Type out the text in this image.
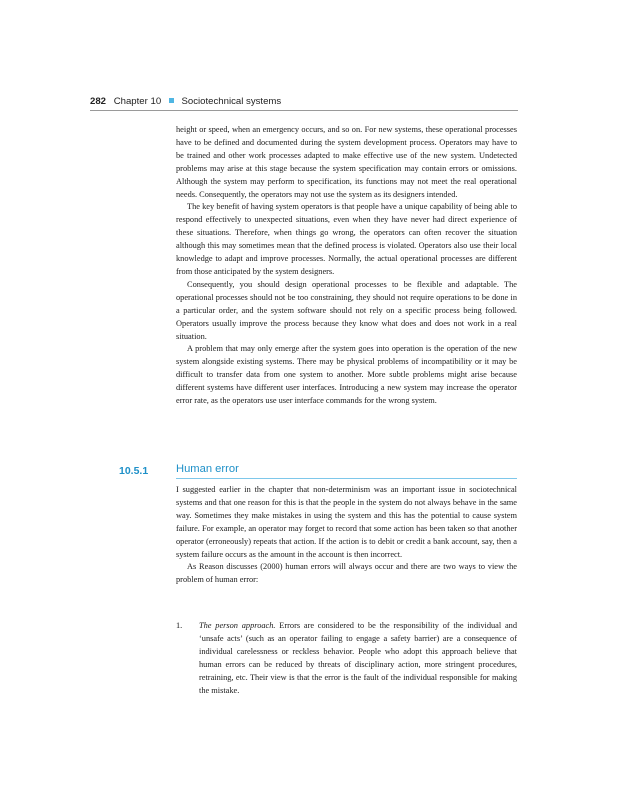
282 Chapter 10 Sociotechnical systems

height or speed, when an emergency occurs, and so on. For new systems, these operational processes have to be defined and documented during the system development process. Operators may have to be trained and other work processes adapted to make effective use of the new system. Undetected problems may arise at this stage because the system specification may contain errors or omissions. Although the system may perform to specification, its functions may not meet the real operational needs. Consequently, the operators may not use the system as its designers intended.

The key benefit of having system operators is that people have a unique capability of being able to respond effectively to unexpected situations, even when they have never had direct experience of these situations. Therefore, when things go wrong, the operators can often recover the situation although this may sometimes mean that the defined process is violated. Operators also use their local knowledge to adapt and improve processes. Normally, the actual operational processes are different from those anticipated by the system designers.

Consequently, you should design operational processes to be flexible and adaptable. The operational processes should not be too constraining, they should not require operations to be done in a particular order, and the system software should not rely on a specific process being followed. Operators usually improve the process because they know what does and does not work in a real situation.

A problem that may only emerge after the system goes into operation is the operation of the new system alongside existing systems. There may be physical problems of incompatibility or it may be difficult to transfer data from one system to another. More subtle problems might arise because different systems have different user interfaces. Introducing a new system may increase the operator error rate, as the operators use user interface commands for the wrong system.

10.5.1 Human error

I suggested earlier in the chapter that non-determinism was an important issue in sociotechnical systems and that one reason for this is that the people in the system do not always behave in the same way. Sometimes they make mistakes in using the system and this has the potential to cause system failure. For example, an operator may forget to record that some action has been taken so that another operator (erroneously) repeats that action. If the action is to debit or credit a bank account, say, then a system failure occurs as the amount in the account is then incorrect.

As Reason discusses (2000) human errors will always occur and there are two ways to view the problem of human error:

1. The person approach. Errors are considered to be the responsibility of the individual and ‘unsafe acts’ (such as an operator failing to engage a safety barrier) are a consequence of individual carelessness or reckless behavior. People who adopt this approach believe that human errors can be reduced by threats of disciplinary action, more stringent procedures, retraining, etc. Their view is that the error is the fault of the individual responsible for making the mistake.
